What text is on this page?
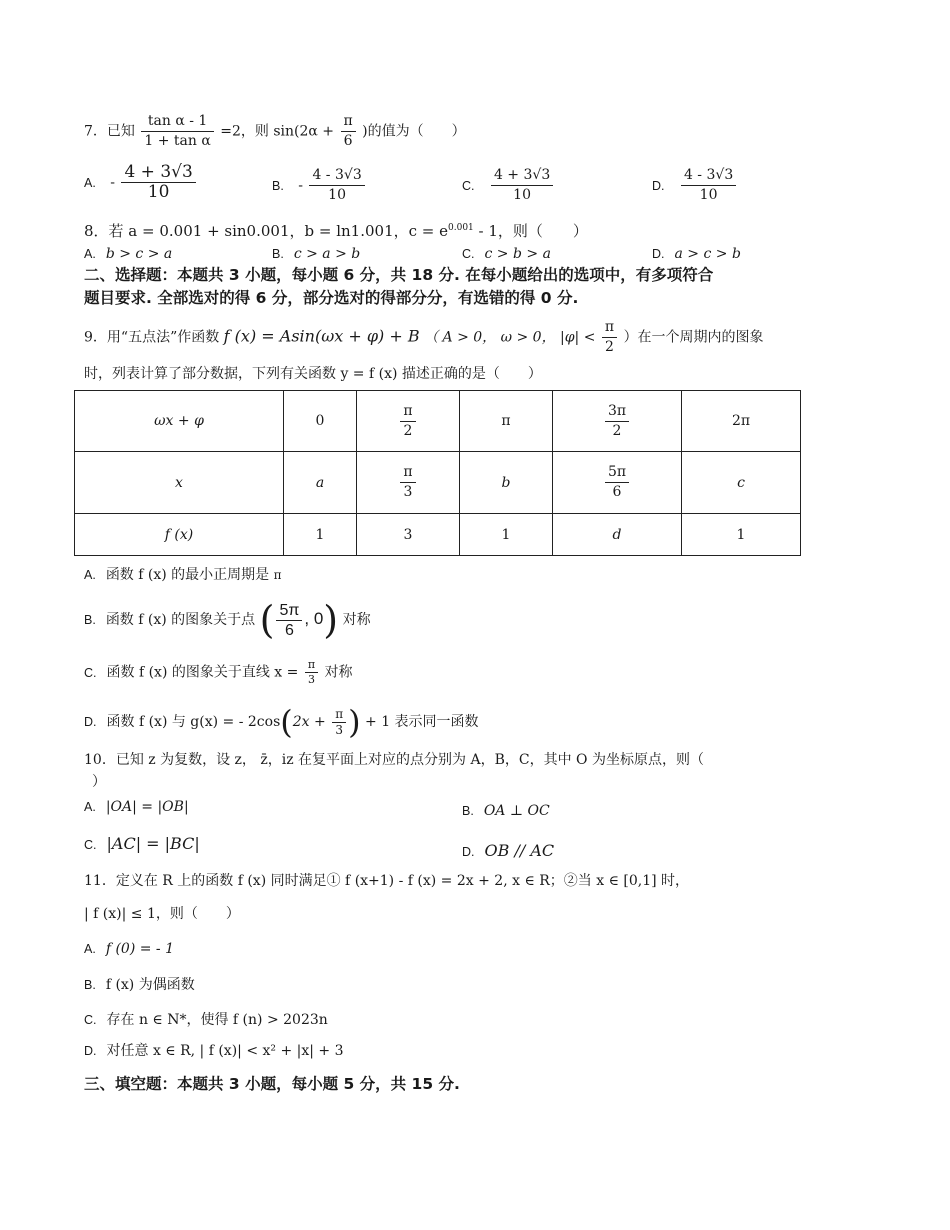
7．已知 $\frac{\text{tan α - 1}}{\text{1 + tan α}} =2$，则 $\sin(2\alpha + \frac{\pi}{6}$ )的值为（　　）
A. - $\frac{4 + 3√3}{10}$	B. - $\frac{4 - 3√3}{10}$	C. $\frac{4 + 3√3}{10}$	D. $\frac{4 - 3√3}{10}$
8．若 a = 0.001 + sin0.001，b = ln1.001，$c = e^{0.001} - 1$，则（　　）
A. b > c > a	B. c > a > b	C. c > b > a	D. a > c > b
二、选择题：本题共 3 小题，每小题 6 分，共 18 分. 在每小题给出的选项中，有多项符合
题目要求. 全部选对的得 6 分，部分选对的得部分分，有选错的得 0 分.
9．用“五点法”作函数 f (x) = Asin(ωx + φ) + B （ A > 0， ω > 0， $|\varphi| < \frac{\pi}{2}$ ）在一个周期内的图象
时，列表计算了部分数据，下列有关函数 y = f (x) 描述正确的是（　　）
ωx + φ	0	$\frac{\pi}{2}$	π	$\frac{3\pi}{2}$	2π
x	a	$\frac{\pi}{3}$	b	$\frac{5\pi}{6}$	c
f (x)	1	3	1	d	1
A. 函数 f (x) 的最小正周期是 π
B. 函数 f (x) 的图象关于点 ( $\frac{5\pi}{6}$ , 0) 对称
C. 函数 f (x) 的图象关于直线 $x = \frac{\pi}{3}$ 对称
D. 函数 f (x) 与 g(x) = - $2\cos(2x + \frac{\pi}{3}$ ) + 1 表示同一函数
10．已知 z 为复数，设 z， z̄，iz 在复平面上对应的点分别为 A，B，C，其中 O 为坐标原点，则（
）
A. |OA| = |OB|	B. OA ⊥ OC
C. |AC| = |BC|	D. OB // AC
11．定义在 R 上的函数 f (x) 同时满足① f (x+1) - f (x) = 2x + 2, x ∈ R；②当 x ∈ [0,1] 时，
| f (x)| ≤ 1，则（　　）
A. f (0) = - 1
B. f (x) 为偶函数
C. 存在 n ∈ N*，使得 f (n) > 2023n
D. 对任意 x ∈ R, | f (x)| < x² + |x| + 3
三、填空题：本题共 3 小题，每小题 5 分，共 15 分.
